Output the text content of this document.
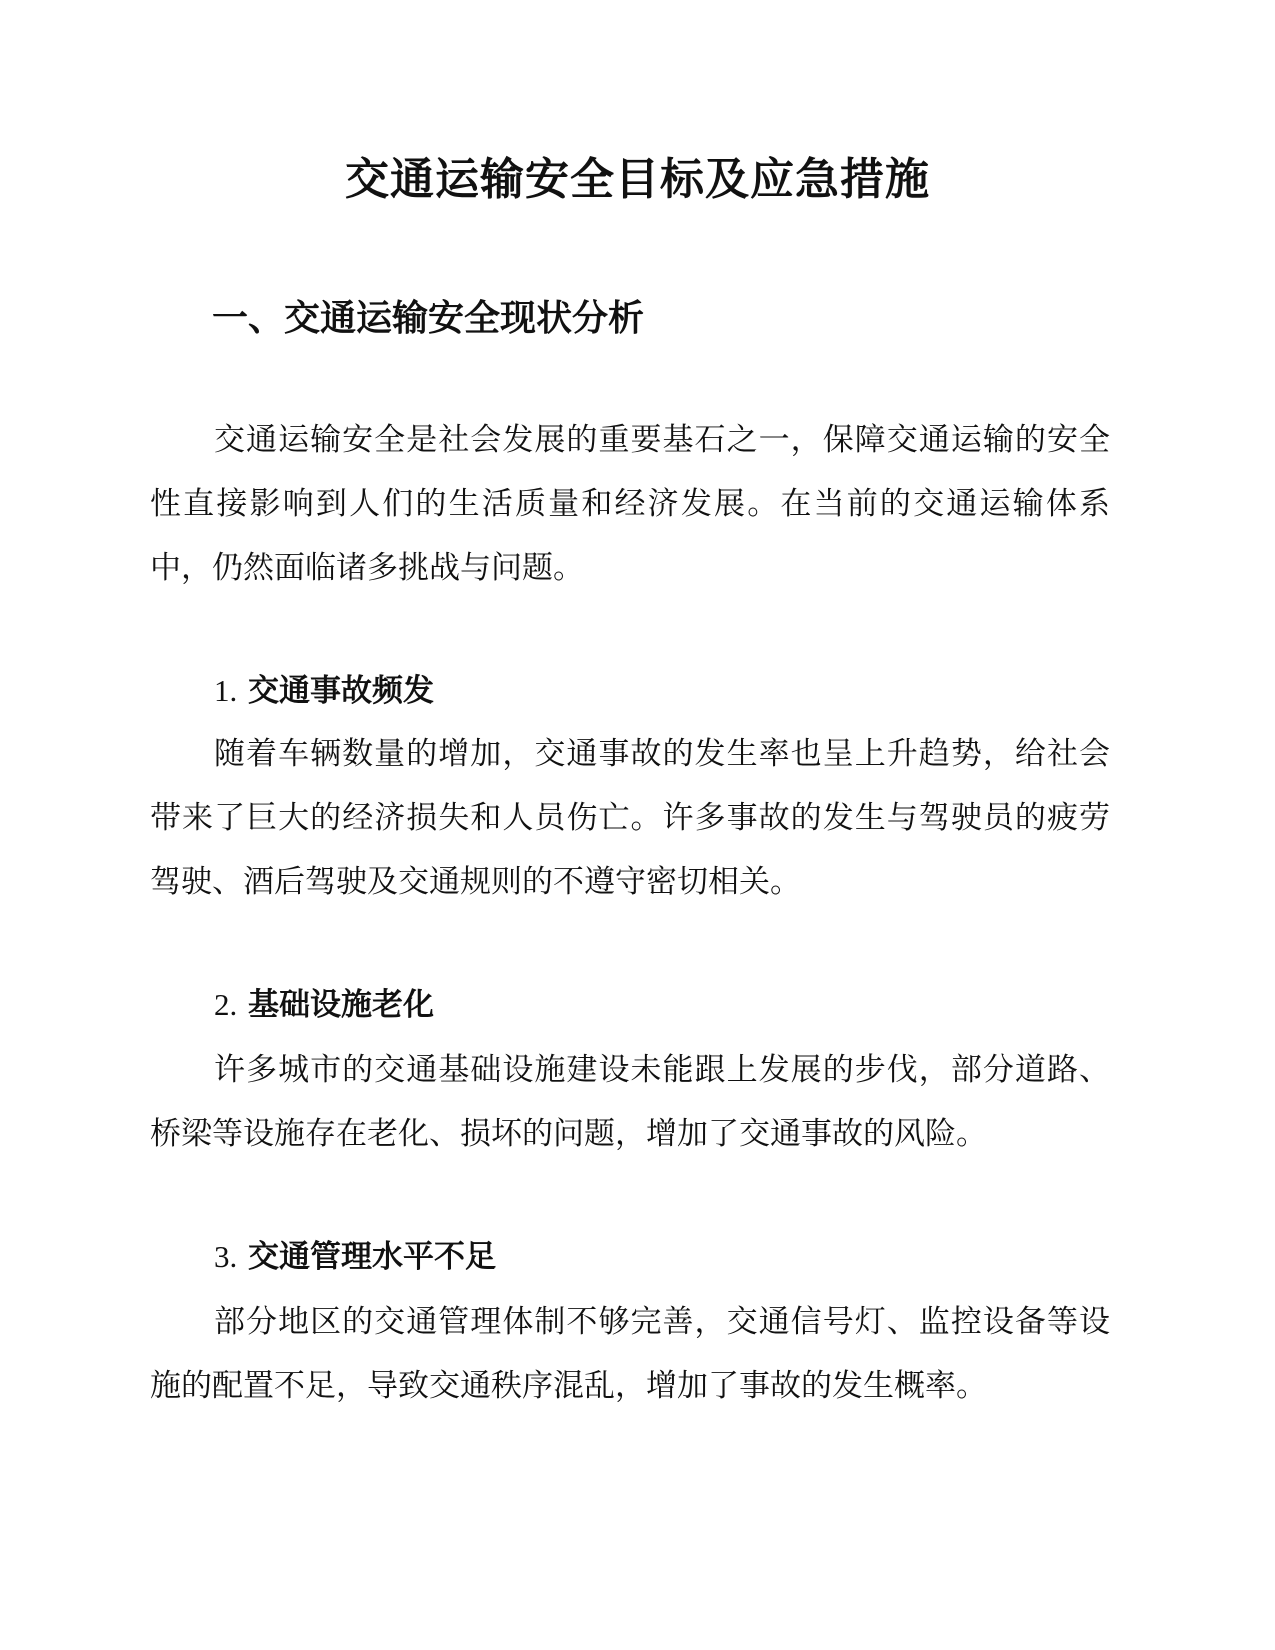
交通运输安全目标及应急措施
一、交通运输安全现状分析

交通运输安全是社会发展的重要基石之一，保障交通运输的安全性直接影响到人们的生活质量和经济发展。在当前的交通运输体系中，仍然面临诸多挑战与问题。

1. 交通事故频发

随着车辆数量的增加，交通事故的发生率也呈上升趋势，给社会带来了巨大的经济损失和人员伤亡。许多事故的发生与驾驶员的疲劳驾驶、酒后驾驶及交通规则的不遵守密切相关。

2. 基础设施老化

许多城市的交通基础设施建设未能跟上发展的步伐，部分道路、桥梁等设施存在老化、损坏的问题，增加了交通事故的风险。

3. 交通管理水平不足

部分地区的交通管理体制不够完善，交通信号灯、监控设备等设施的配置不足，导致交通秩序混乱，增加了事故的发生概率。
